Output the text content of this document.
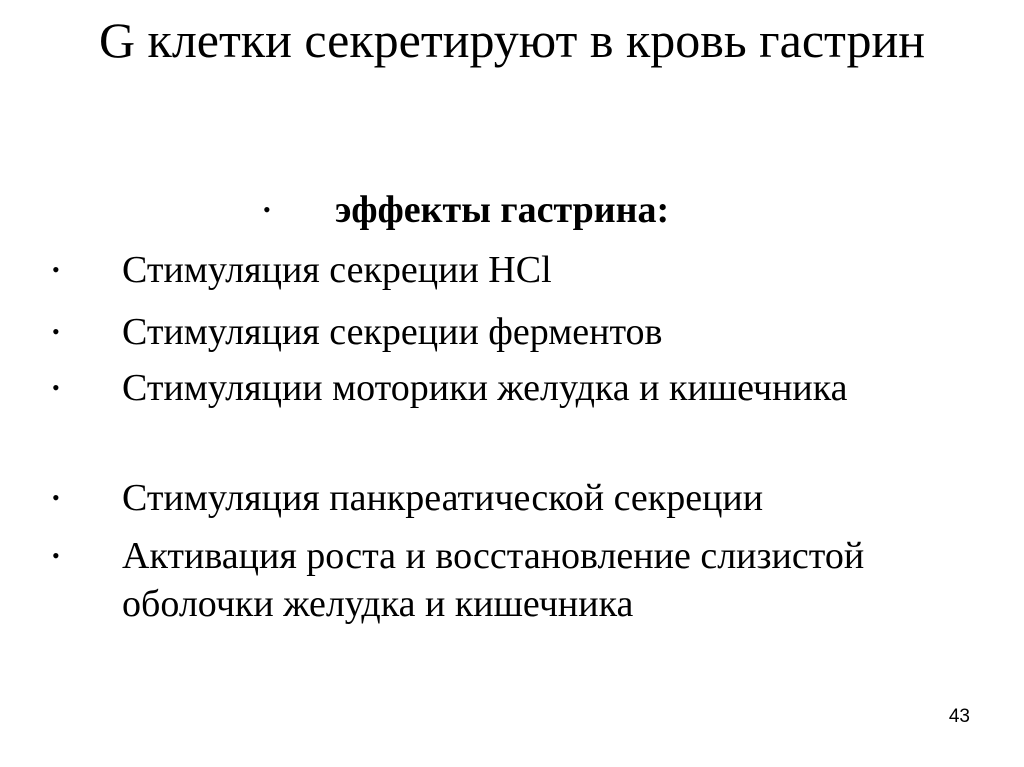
G клетки секретируют в кровь гастрин
• эффекты гастрина:
• Стимуляция секреции HCl
• Стимуляция секреции ферментов
• Стимуляции моторики желудка и кишечника
• Стимуляция панкреатической секреции
• Активация роста и восстановление слизистой оболочки желудка и кишечника
43
